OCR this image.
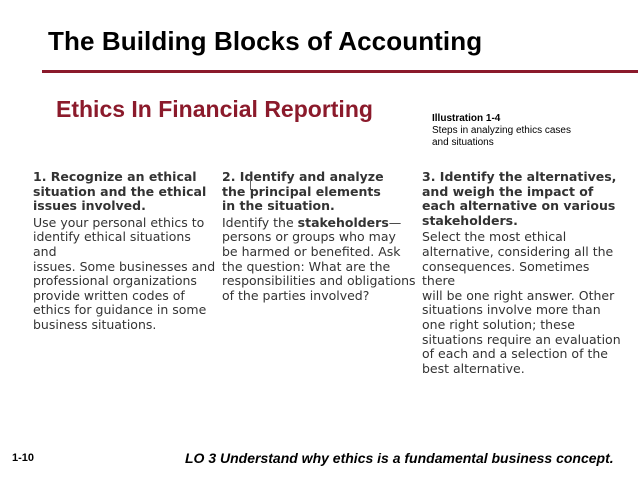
The Building Blocks of Accounting
Ethics In Financial Reporting	Illustration 1-4
Steps in analyzing ethics cases
and situations

1. Recognize an ethical
situation and the ethical
issues involved.

Use your personal ethics to
identify ethical situations and
issues. Some businesses and
professional organizations
provide written codes of
ethics for guidance in some
business situations.

2. Identify and analyze
the principal elements
in the situation.

Identify the stakeholders—
persons or groups who may
be harmed or benefited. Ask
the question: What are the
responsibilities and obligations
of the parties involved?

3. Identify the alternatives,
and weigh the impact of
each alternative on various
stakeholders.

Select the most ethical
alternative, considering all the
consequences. Sometimes there
will be one right answer. Other
situations involve more than
one right solution; these
situations require an evaluation
of each and a selection of the
best alternative.

1-10	LO 3 Understand why ethics is a fundamental business concept.
